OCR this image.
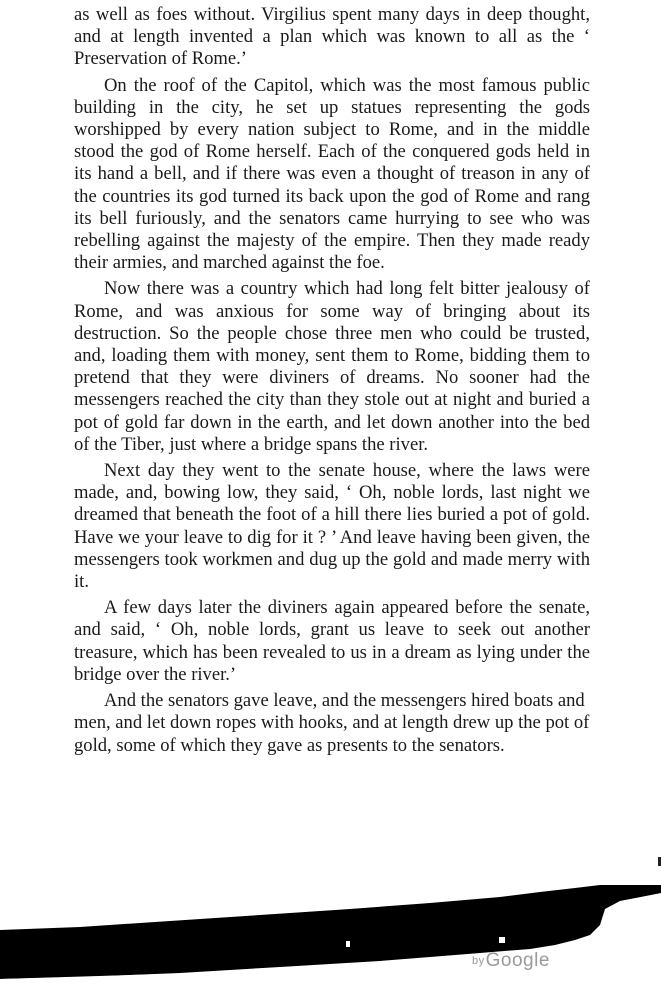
as well as foes without. Virgilius spent many days in deep thought, and at length invented a plan which was known to all as the ‘ Preservation of Rome.’

On the roof of the Capitol, which was the most famous public building in the city, he set up statues representing the gods worshipped by every nation subject to Rome, and in the middle stood the god of Rome herself. Each of the conquered gods held in its hand a bell, and if there was even a thought of treason in any of the countries its god turned its back upon the god of Rome and rang its bell furiously, and the senators came hurrying to see who was rebelling against the majesty of the empire. Then they made ready their armies, and marched against the foe.

Now there was a country which had long felt bitter jealousy of Rome, and was anxious for some way of bringing about its destruction. So the people chose three men who could be trusted, and, loading them with money, sent them to Rome, bidding them to pretend that they were diviners of dreams. No sooner had the messengers reached the city than they stole out at night and buried a pot of gold far down in the earth, and let down another into the bed of the Tiber, just where a bridge spans the river.

Next day they went to the senate house, where the laws were made, and, bowing low, they said, ‘ Oh, noble lords, last night we dreamed that beneath the foot of a hill there lies buried a pot of gold. Have we your leave to dig for it ? ’ And leave having been given, the messengers took workmen and dug up the gold and made merry with it.

A few days later the diviners again appeared before the senate, and said, ‘ Oh, noble lords, grant us leave to seek out another treasure, which has been revealed to us in a dream as lying under the bridge over the river.’

And the senators gave leave, and the messengers hired boats and men, and let down ropes with hooks, and at length drew up the pot of gold, some of which they gave as presents to the senators.

byGoogle
